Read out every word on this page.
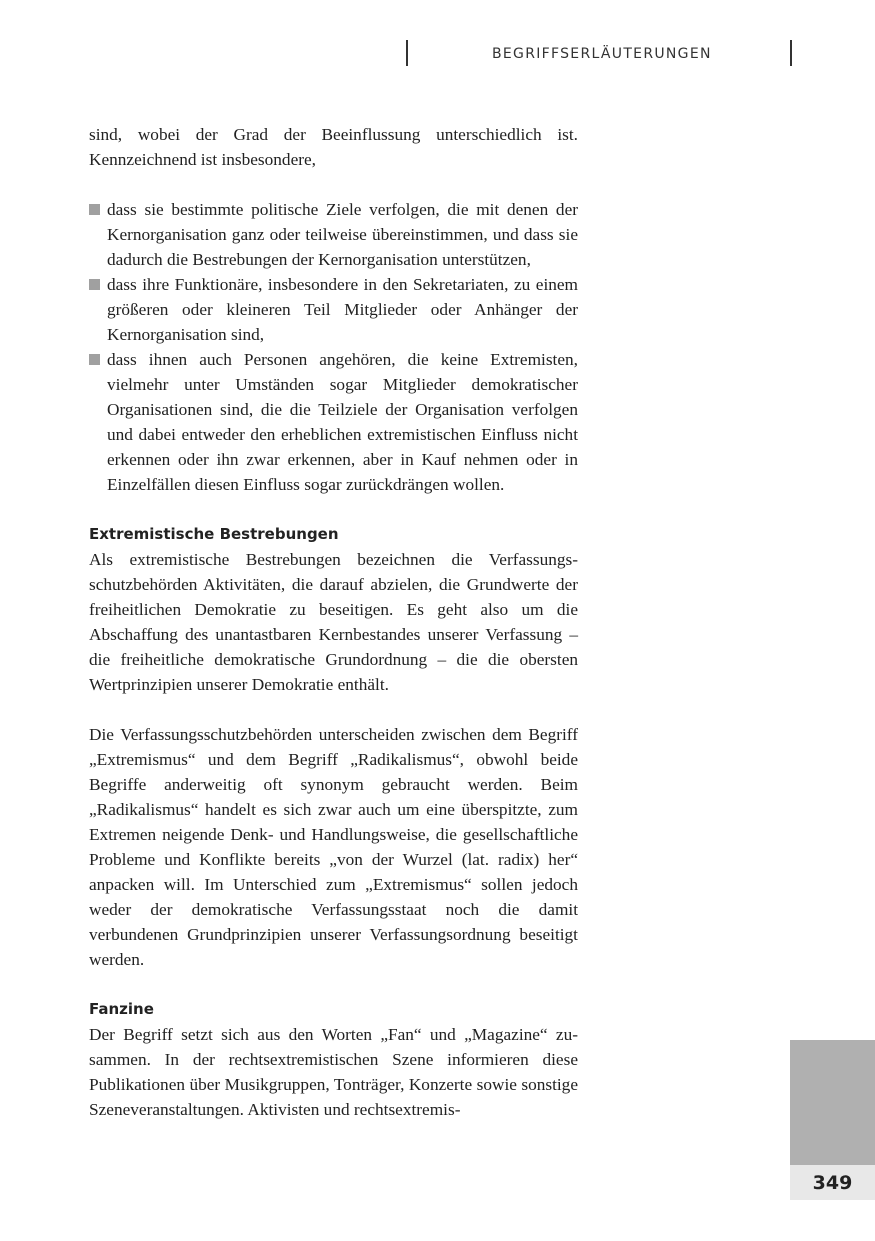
BEGRIFFSERLÄUTERUNGEN

sind, wobei der Grad der Beeinflussung unterschiedlich ist. Kennzeichnend ist insbesondere,

dass sie bestimmte politische Ziele verfolgen, die mit denen der Kernorganisation ganz oder teilweise übereinstimmen, und dass sie dadurch die Bestrebungen der Kernorganisation unterstützen,
dass ihre Funktionäre, insbesondere in den Sekretariaten, zu einem größeren oder kleineren Teil Mitglieder oder Anhänger der Kernorganisation sind,
dass ihnen auch Personen angehören, die keine Extremisten, vielmehr unter Umständen sogar Mitglieder demokratischer Organisationen sind, die die Teilziele der Organisation verfolgen und dabei entweder den erheblichen extremistischen Einfluss nicht erkennen oder ihn zwar erkennen, aber in Kauf nehmen oder in Einzelfällen diesen Einfluss sogar zurückdrängen wollen.
Extremistische Bestrebungen

Als extremistische Bestrebungen bezeichnen die Verfassungsschutzbehörden Aktivitäten, die darauf abzielen, die Grundwerte der freiheitlichen Demokratie zu beseitigen. Es geht also um die Abschaffung des unantastbaren Kernbestandes unserer Verfassung – die freiheitliche demokratische Grundordnung – die die obersten Wertprinzipien unserer Demokratie enthält.

Die Verfassungsschutzbehörden unterscheiden zwischen dem Begriff „Extremismus“ und dem Begriff „Radikalismus“, obwohl beide Begriffe anderweitig oft synonym gebraucht werden. Beim „Radikalismus“ handelt es sich zwar auch um eine überspitzte, zum Extremen neigende Denk- und Handlungsweise, die gesellschaftliche Probleme und Konflikte bereits „von der Wurzel (lat. radix) her“ anpacken will. Im Unterschied zum „Extremismus“ sollen jedoch weder der demokratische Verfassungsstaat noch die damit verbundenen Grundprinzipien unserer Verfassungsordnung beseitigt werden.

Fanzine

Der Begriff setzt sich aus den Worten „Fan“ und „Magazine“ zusammen. In der rechtsextremistischen Szene informieren diese Publikationen über Musikgruppen, Tonträger, Konzerte sowie sonstige Szeneveranstaltungen. Aktivisten und rechtsextremis-

349
